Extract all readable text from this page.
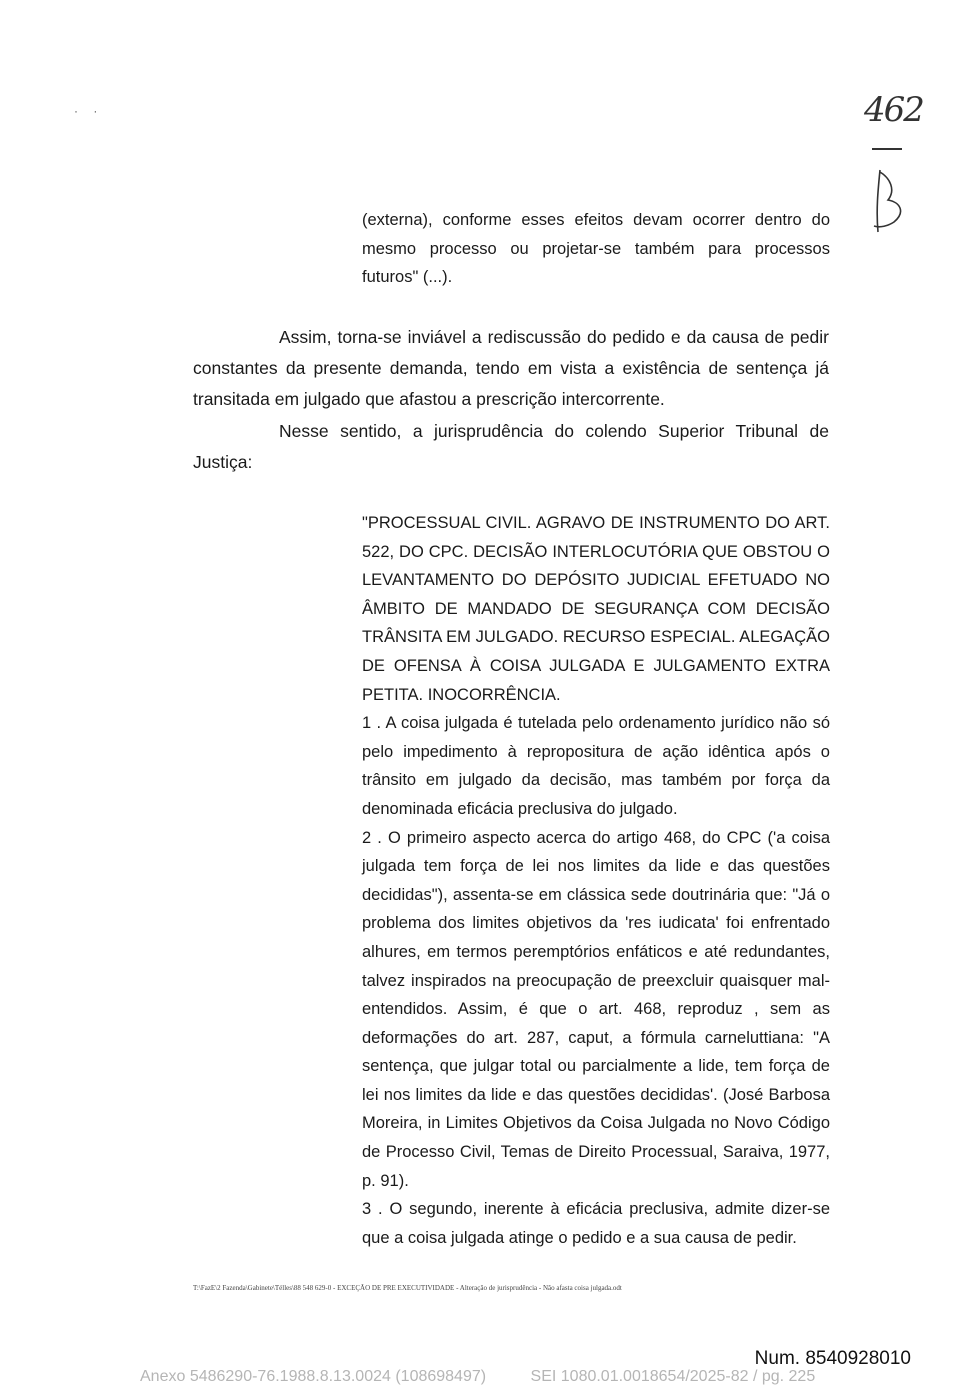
· ·	462

(externa), conforme esses efeitos devam ocorrer dentro do mesmo processo ou projetar-se também para processos futuros" (...).

Assim, torna-se inviável a rediscussão do pedido e da causa de pedir constantes da presente demanda, tendo em vista a existência de sentença já transitada em julgado que afastou a prescrição intercorrente.

Nesse sentido, a jurisprudência do colendo Superior Tribunal de Justiça:

"PROCESSUAL CIVIL. AGRAVO DE INSTRUMENTO DO ART. 522, DO CPC. DECISÃO INTERLOCUTÓRIA QUE OBSTOU O LEVANTAMENTO DO DEPÓSITO JUDICIAL EFETUADO NO ÂMBITO DE MANDADO DE SEGURANÇA COM DECISÃO TRÂNSITA EM JULGADO. RECURSO ESPECIAL. ALEGAÇÃO DE OFENSA À COISA JULGADA E JULGAMENTO EXTRA PETITA. INOCORRÊNCIA.

1 . A coisa julgada é tutelada pelo ordenamento jurídico não só pelo impedimento à repropositura de ação idêntica após o trânsito em julgado da decisão, mas também por força da denominada eficácia preclusiva do julgado.

2 . O primeiro aspecto acerca do artigo 468, do CPC ('a coisa julgada tem força de lei nos limites da lide e das questões decididas"), assenta-se em clássica sede doutrinária que: "Já o problema dos limites objetivos da 'res iudicata' foi enfrentado alhures, em termos peremptórios enfáticos e até redundantes, talvez inspirados na preocupação de preexcluir quaisquer mal-entendidos. Assim, é que o art. 468, reproduz , sem as deformações do art. 287, caput, a fórmula carneluttiana: "A sentença, que julgar total ou parcialmente a lide, tem força de lei nos limites da lide e das questões decididas'. (José Barbosa Moreira, in Limites Objetivos da Coisa Julgada no Novo Código de Processo Civil, Temas de Direito Processual, Saraiva, 1977, p. 91).

3 . O segundo, inerente à eficácia preclusiva, admite dizer-se que a coisa julgada atinge o pedido e a sua causa de pedir.

T:\FazE\2 Fazenda\Gabinete\Télles\88 548 629-0 - EXCEÇÃO DE PRE EXECUTIVIDADE - Alteração de jurisprudência - Não afasta coisa julgada.odt
Num. 8540928010
Anexo 5486290-76.1988.8.13.0024 (108698497)	SEI 1080.01.0018654/2025-82 / pg. 225
